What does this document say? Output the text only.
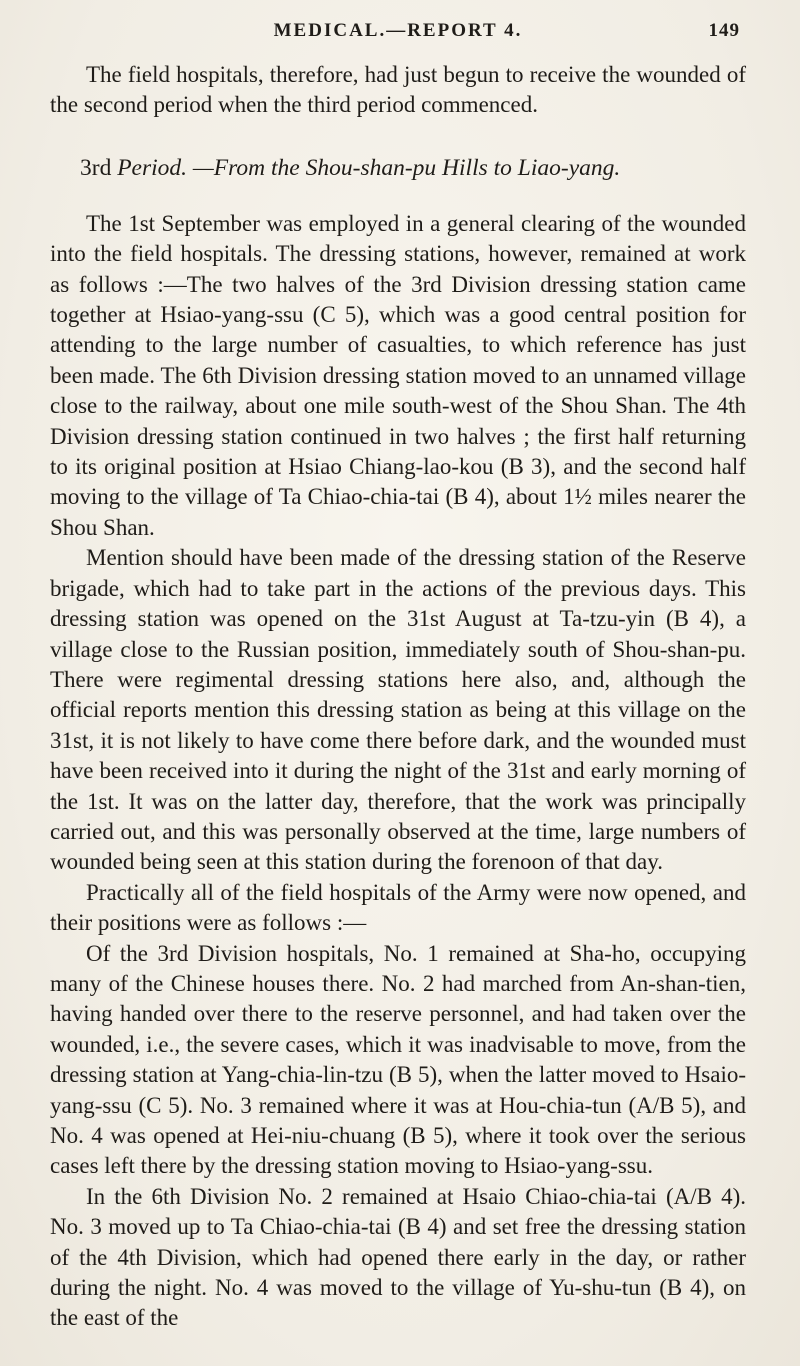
MEDICAL.—REPORT 4.	149

The field hospitals, therefore, had just begun to receive the wounded of the second period when the third period commenced.

3rd Period. —From the Shou-shan-pu Hills to Liao-yang.

The 1st September was employed in a general clearing of the wounded into the field hospitals. The dressing stations, however, remained at work as follows :—The two halves of the 3rd Division dressing station came together at Hsiao-yang-ssu (C 5), which was a good central position for attending to the large number of casualties, to which reference has just been made. The 6th Division dressing station moved to an unnamed village close to the railway, about one mile south-west of the Shou Shan. The 4th Division dressing station continued in two halves ; the first half returning to its original position at Hsiao Chiang-lao-kou (B 3), and the second half moving to the village of Ta Chiao-chia-tai (B 4), about 1½ miles nearer the Shou Shan.

Mention should have been made of the dressing station of the Reserve brigade, which had to take part in the actions of the previous days. This dressing station was opened on the 31st August at Ta-tzu-yin (B 4), a village close to the Russian position, immediately south of Shou-shan-pu. There were regimental dressing stations here also, and, although the official reports mention this dressing station as being at this village on the 31st, it is not likely to have come there before dark, and the wounded must have been received into it during the night of the 31st and early morning of the 1st. It was on the latter day, therefore, that the work was principally carried out, and this was personally observed at the time, large numbers of wounded being seen at this station during the forenoon of that day.

Practically all of the field hospitals of the Army were now opened, and their positions were as follows :—

Of the 3rd Division hospitals, No. 1 remained at Sha-ho, occupying many of the Chinese houses there. No. 2 had marched from An-shan-tien, having handed over there to the reserve personnel, and had taken over the wounded, i.e., the severe cases, which it was inadvisable to move, from the dressing station at Yang-chia-lin-tzu (B 5), when the latter moved to Hsaio-yang-ssu (C 5). No. 3 remained where it was at Hou-chia-tun (A/B 5), and No. 4 was opened at Hei-niu-chuang (B 5), where it took over the serious cases left there by the dressing station moving to Hsiao-yang-ssu.

In the 6th Division No. 2 remained at Hsaio Chiao-chia-tai (A/B 4). No. 3 moved up to Ta Chiao-chia-tai (B 4) and set free the dressing station of the 4th Division, which had opened there early in the day, or rather during the night. No. 4 was moved to the village of Yu-shu-tun (B 4), on the east of the
